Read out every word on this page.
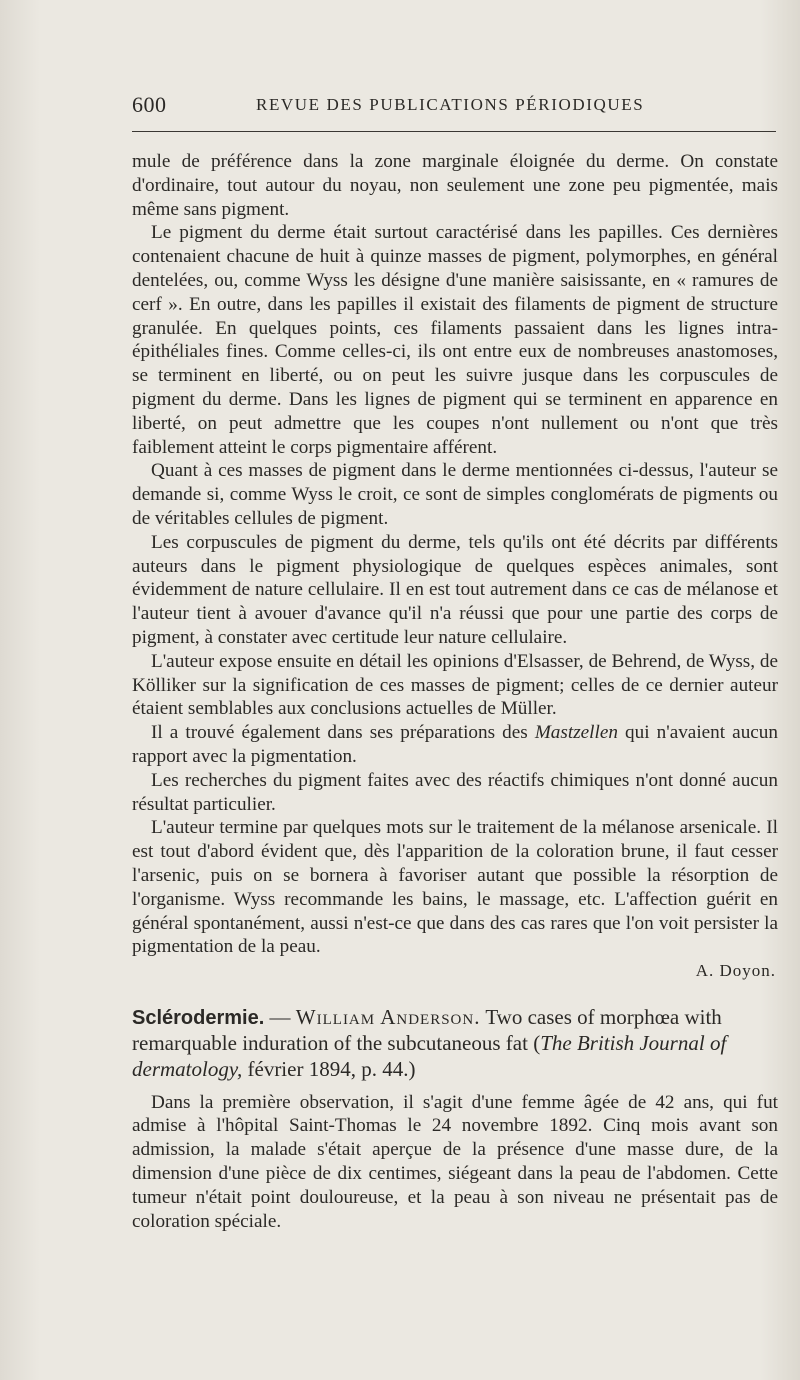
600	REVUE DES PUBLICATIONS PÉRIODIQUES

mule de préférence dans la zone marginale éloignée du derme. On constate d'ordinaire, tout autour du noyau, non seulement une zone peu pigmentée, mais même sans pigment.

Le pigment du derme était surtout caractérisé dans les papilles. Ces dernières contenaient chacune de huit à quinze masses de pigment, polymorphes, en général dentelées, ou, comme Wyss les désigne d'une manière saisissante, en « ramures de cerf ». En outre, dans les papilles il existait des filaments de pigment de structure granulée. En quelques points, ces filaments passaient dans les lignes intra-épithéliales fines. Comme celles-ci, ils ont entre eux de nombreuses anastomoses, se terminent en liberté, ou on peut les suivre jusque dans les corpuscules de pigment du derme. Dans les lignes de pigment qui se terminent en apparence en liberté, on peut admettre que les coupes n'ont nullement ou n'ont que très faiblement atteint le corps pigmentaire afférent.

Quant à ces masses de pigment dans le derme mentionnées ci-dessus, l'auteur se demande si, comme Wyss le croit, ce sont de simples conglomérats de pigments ou de véritables cellules de pigment.

Les corpuscules de pigment du derme, tels qu'ils ont été décrits par différents auteurs dans le pigment physiologique de quelques espèces animales, sont évidemment de nature cellulaire. Il en est tout autrement dans ce cas de mélanose et l'auteur tient à avouer d'avance qu'il n'a réussi que pour une partie des corps de pigment, à constater avec certitude leur nature cellulaire.

L'auteur expose ensuite en détail les opinions d'Elsasser, de Behrend, de Wyss, de Kölliker sur la signification de ces masses de pigment; celles de ce dernier auteur étaient semblables aux conclusions actuelles de Müller.

Il a trouvé également dans ses préparations des Mastzellen qui n'avaient aucun rapport avec la pigmentation.

Les recherches du pigment faites avec des réactifs chimiques n'ont donné aucun résultat particulier.

L'auteur termine par quelques mots sur le traitement de la mélanose arsenicale. Il est tout d'abord évident que, dès l'apparition de la coloration brune, il faut cesser l'arsenic, puis on se bornera à favoriser autant que possible la résorption de l'organisme. Wyss recommande les bains, le massage, etc. L'affection guérit en général spontanément, aussi n'est-ce que dans des cas rares que l'on voit persister la pigmentation de la peau.

A. Doyon.

Sclérodermie. — William Anderson. Two cases of morphœa with remarquable induration of the subcutaneous fat (The British Journal of dermatology, février 1894, p. 44.)

Dans la première observation, il s'agit d'une femme âgée de 42 ans, qui fut admise à l'hôpital Saint-Thomas le 24 novembre 1892. Cinq mois avant son admission, la malade s'était aperçue de la présence d'une masse dure, de la dimension d'une pièce de dix centimes, siégeant dans la peau de l'abdomen. Cette tumeur n'était point douloureuse, et la peau à son niveau ne présentait pas de coloration spéciale.
